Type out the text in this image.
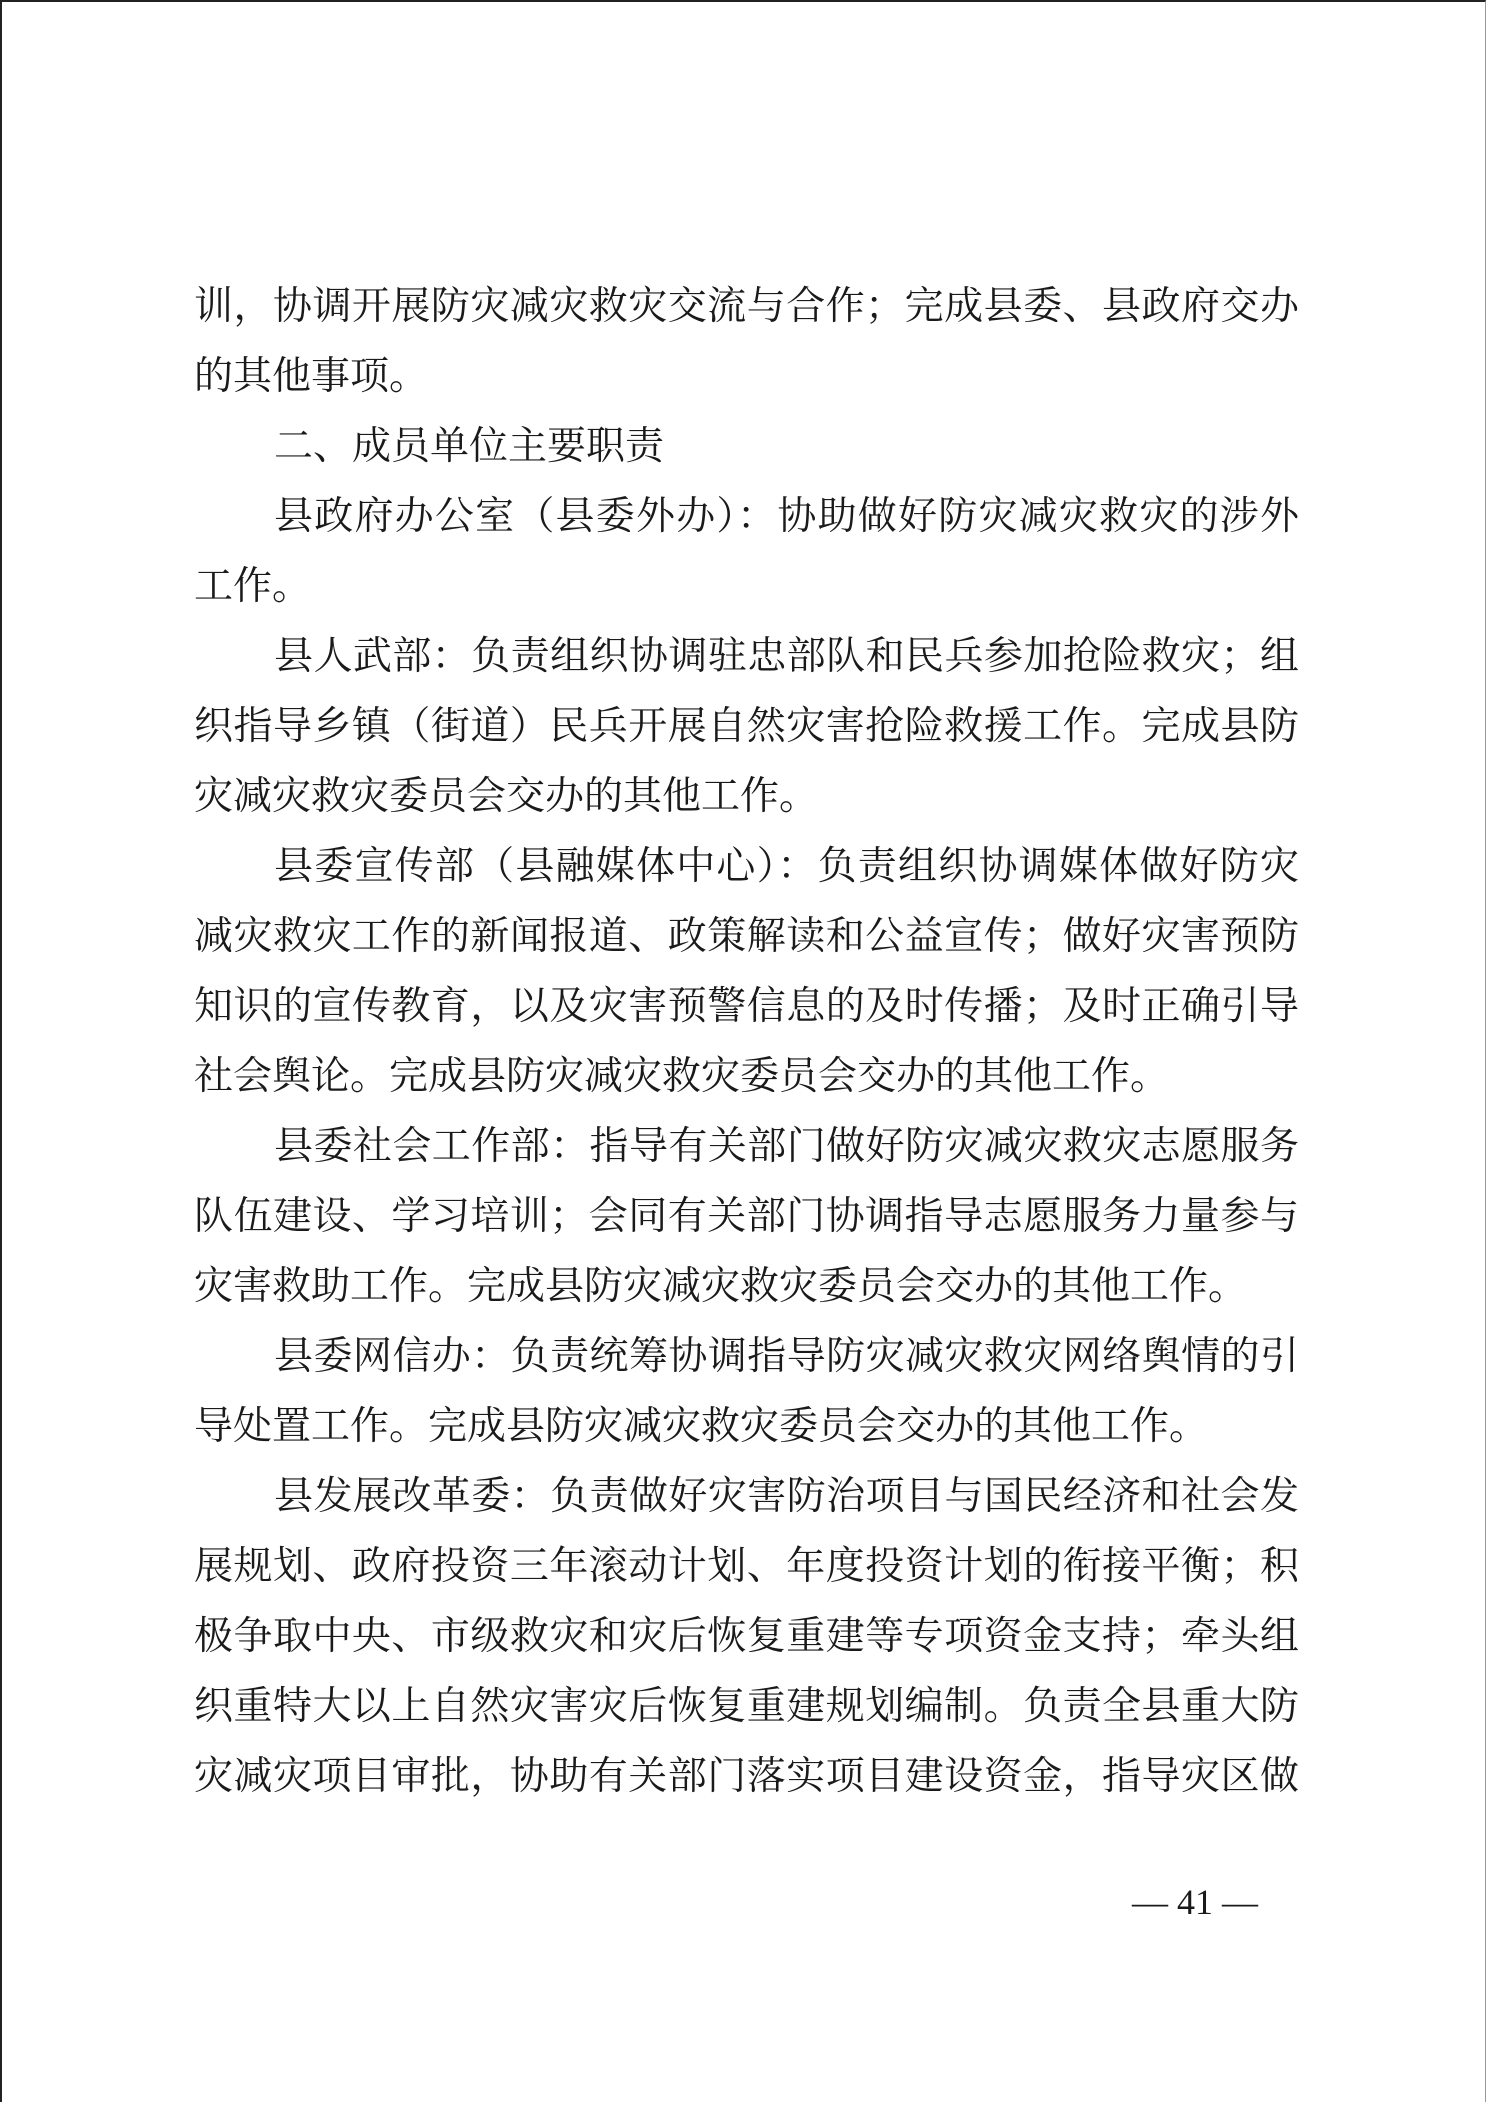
训，协调开展防灾减灾救灾交流与合作；完成县委、县政府交办
的其他事项。
二、成员单位主要职责
县政府办公室（县委外办）：协助做好防灾减灾救灾的涉外
工作。
县人武部：负责组织协调驻忠部队和民兵参加抢险救灾；组
织指导乡镇（街道）民兵开展自然灾害抢险救援工作。完成县防
灾减灾救灾委员会交办的其他工作。
县委宣传部（县融媒体中心）：负责组织协调媒体做好防灾
减灾救灾工作的新闻报道、政策解读和公益宣传；做好灾害预防
知识的宣传教育，以及灾害预警信息的及时传播；及时正确引导
社会舆论。完成县防灾减灾救灾委员会交办的其他工作。
县委社会工作部：指导有关部门做好防灾减灾救灾志愿服务
队伍建设、学习培训；会同有关部门协调指导志愿服务力量参与
灾害救助工作。完成县防灾减灾救灾委员会交办的其他工作。
县委网信办：负责统筹协调指导防灾减灾救灾网络舆情的引
导处置工作。完成县防灾减灾救灾委员会交办的其他工作。
县发展改革委：负责做好灾害防治项目与国民经济和社会发
展规划、政府投资三年滚动计划、年度投资计划的衔接平衡；积
极争取中央、市级救灾和灾后恢复重建等专项资金支持；牵头组
织重特大以上自然灾害灾后恢复重建规划编制。负责全县重大防
灾减灾项目审批，协助有关部门落实项目建设资金，指导灾区做
— 41 —
